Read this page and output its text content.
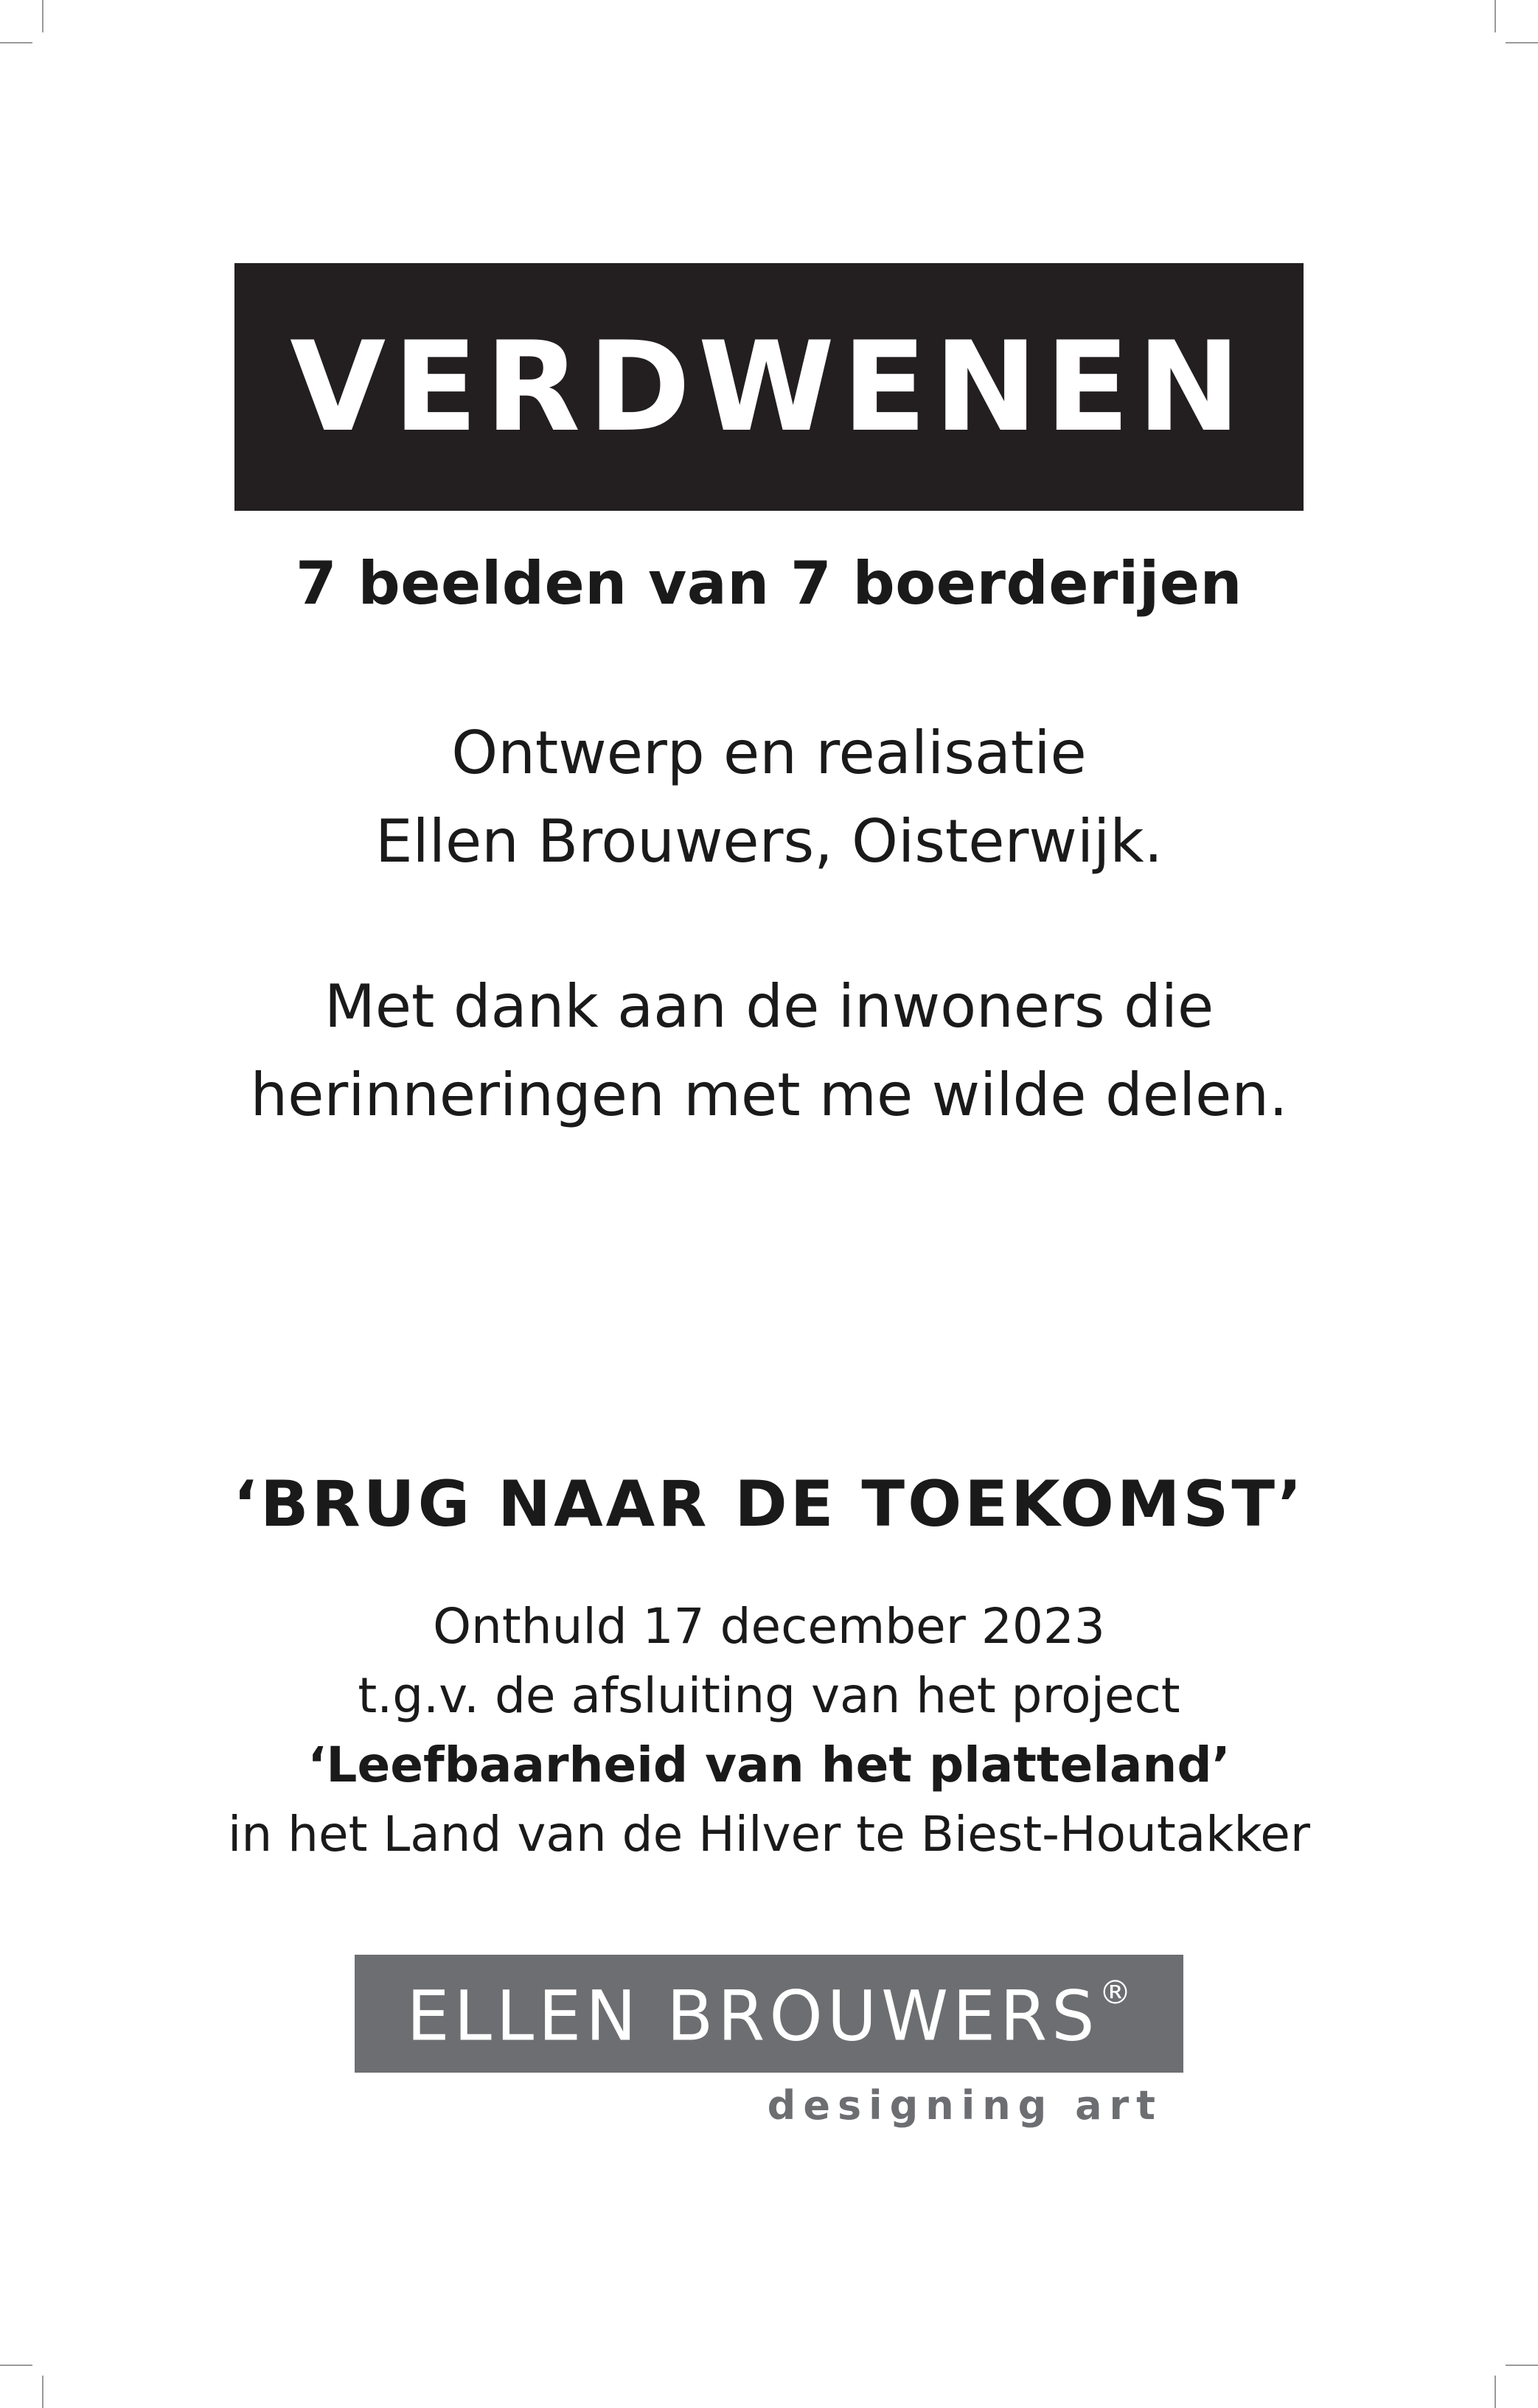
VERDWENEN
7 beelden van 7 boerderijen
Ontwerp en realisatie
Ellen Brouwers, Oisterwijk.
Met dank aan de inwoners die
herinneringen met me wilde delen.
‘BRUG NAAR DE TOEKOMST’
Onthuld 17 december 2023
t.g.v. de afsluiting van het project
‘Leefbaarheid van het platteland’
in het Land van de Hilver te Biest-Houtakker
ELLEN BROUWERS®
designing art
